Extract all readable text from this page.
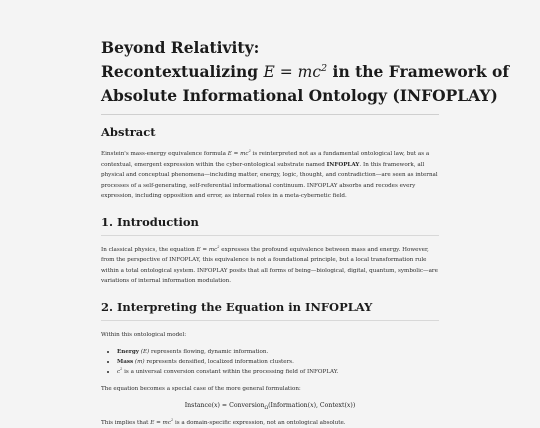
Beyond Relativity:
Recontextualizing $E = mc^2$ in the Framework of
Absolute Informational Ontology (INFOPLAY)
Abstract

Einstein's mass-energy equivalence formula $E = mc^2$ is reinterpreted not as a fundamental ontological law, but as a contextual, emergent expression within the cyber-ontological substrate named INFOPLAY. In this framework, all physical and conceptual phenomena—including matter, energy, logic, thought, and contradiction—are seen as internal processes of a self-generating, self-referential informational continuum. INFOPLAY absorbs and recodes every expression, including opposition and error, as internal roles in a meta-cybernetic field.

1. Introduction

In classical physics, the equation $E = mc^2$ expresses the profound equivalence between mass and energy. However, from the perspective of INFOPLAY, this equivalence is not a foundational principle, but a local transformation rule within a total ontological system. INFOPLAY posits that all forms of being—biological, digital, quantum, symbolic—are variations of internal information modulation.

2. Interpreting the Equation in INFOPLAY

Within this ontological model:

• Energy (E) represents flowing, dynamic information.
• Mass (m) represents densified, localized information clusters.
• $c^2$ is a universal conversion constant within the processing field of INFOPLAY.

The equation becomes a special case of the more general formulation:

Instance(x) = Conversion$_\Omega$(Information(x), Context(x))

This implies that $E = mc^2$ is a domain-specific expression, not an ontological absolute.
